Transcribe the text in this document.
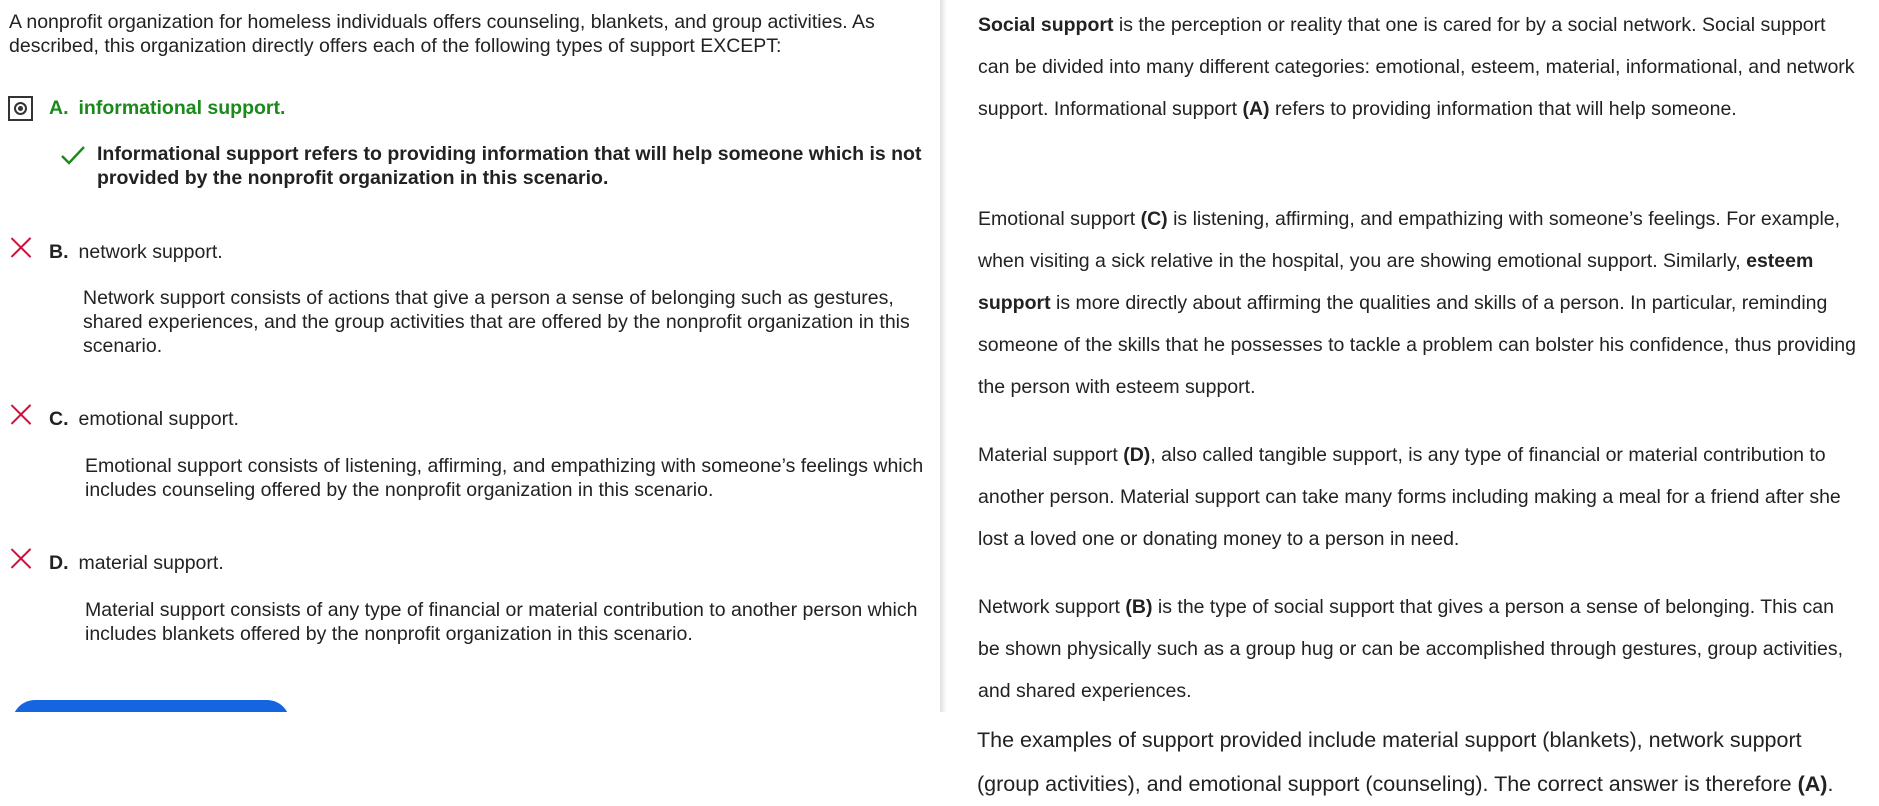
A nonprofit organization for homeless individuals offers counseling, blankets, and group activities. As described, this organization directly offers each of the following types of support EXCEPT:
A. informational support.
Informational support refers to providing information that will help someone which is not provided by the nonprofit organization in this scenario.
B. network support.
Network support consists of actions that give a person a sense of belonging such as gestures, shared experiences, and the group activities that are offered by the nonprofit organization in this scenario.
C. emotional support.
Emotional support consists of listening, affirming, and empathizing with someone’s feelings which includes counseling offered by the nonprofit organization in this scenario.
D. material support.
Material support consists of any type of financial or material contribution to another person which includes blankets offered by the nonprofit organization in this scenario.
Social support is the perception or reality that one is cared for by a social network. Social support can be divided into many different categories: emotional, esteem, material, informational, and network support. Informational support (A) refers to providing information that will help someone.
Emotional support (C) is listening, affirming, and empathizing with someone’s feelings. For example, when visiting a sick relative in the hospital, you are showing emotional support. Similarly, esteem support is more directly about affirming the qualities and skills of a person. In particular, reminding someone of the skills that he possesses to tackle a problem can bolster his confidence, thus providing the person with esteem support.
Material support (D), also called tangible support, is any type of financial or material contribution to another person. Material support can take many forms including making a meal for a friend after she lost a loved one or donating money to a person in need.
Network support (B) is the type of social support that gives a person a sense of belonging. This can be shown physically such as a group hug or can be accomplished through gestures, group activities, and shared experiences.
The examples of support provided include material support (blankets), network support (group activities), and emotional support (counseling). The correct answer is therefore (A).
